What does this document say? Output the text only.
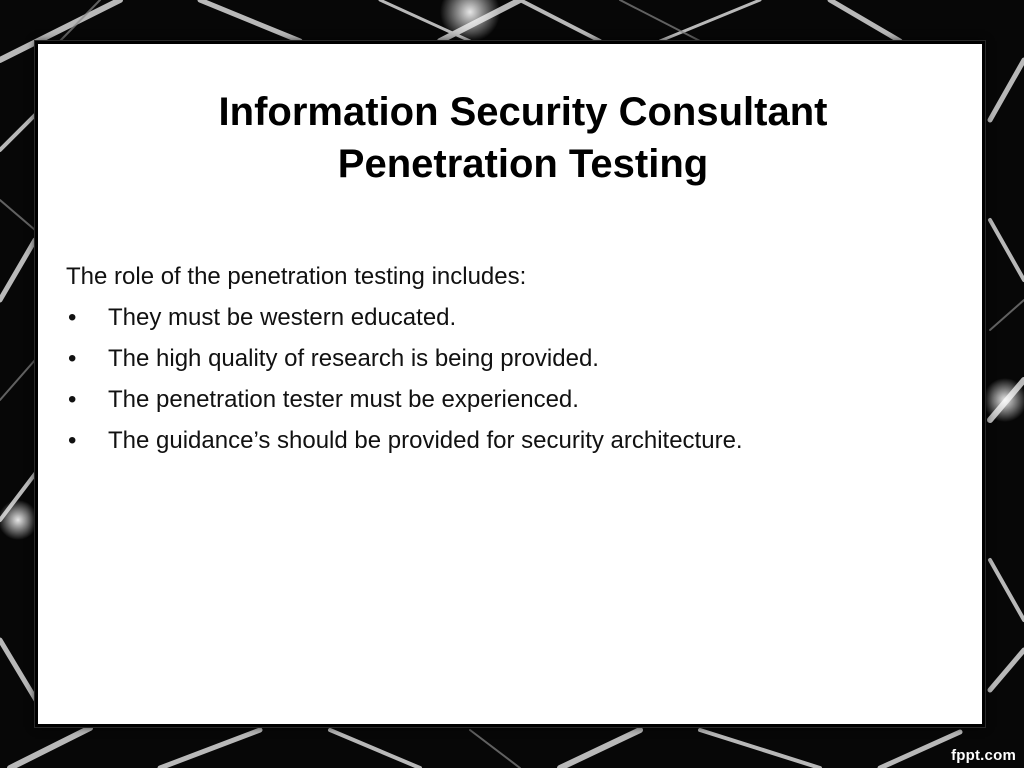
Information Security Consultant
Penetration Testing

The role of the penetration testing includes:

• They must be western educated.
• The high quality of research is being provided.
• The penetration tester must be experienced.
• The guidance’s should be provided for security architecture.
fppt.com
